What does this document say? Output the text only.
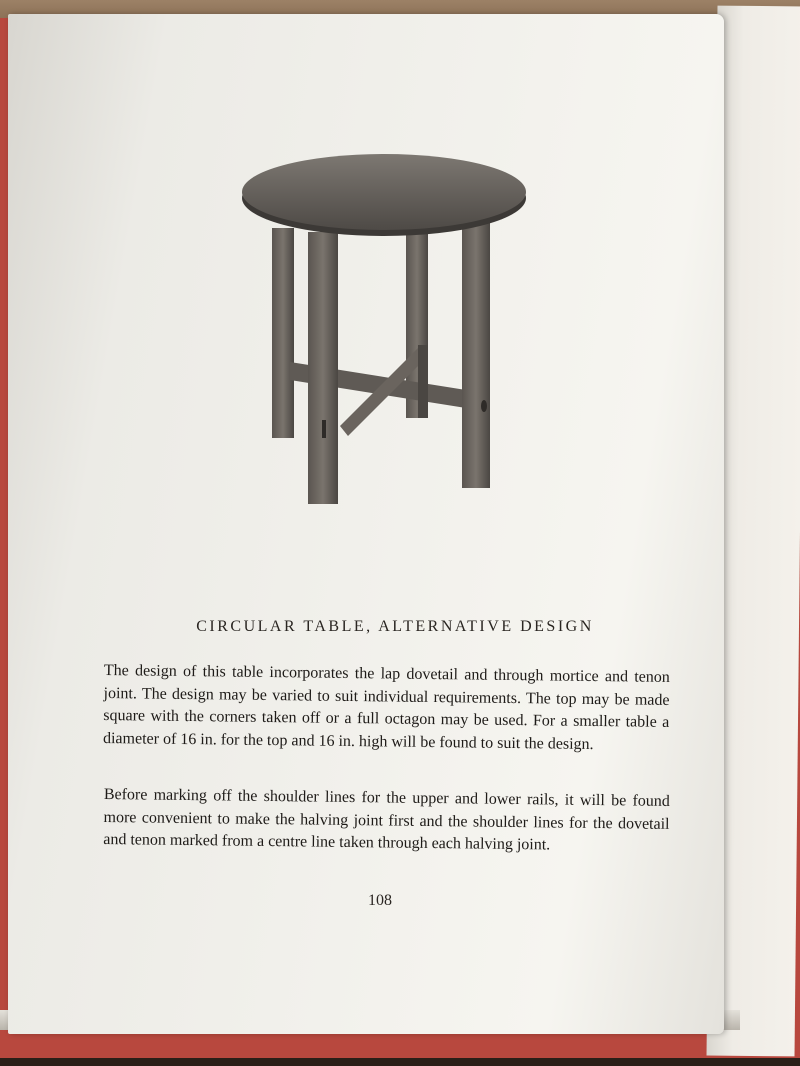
CIRCULAR TABLE, ALTERNATIVE DESIGN

The design of this table incorporates the lap dovetail and through mortice and tenon joint. The design may be varied to suit individual requirements. The top may be made square with the corners taken off or a full octagon may be used. For a smaller table a diameter of 16 in. for the top and 16 in. high will be found to suit the design.

Before marking off the shoulder lines for the upper and lower rails, it will be found more convenient to make the halving joint first and the shoulder lines for the dovetail and tenon marked from a centre line taken through each halving joint.

108
